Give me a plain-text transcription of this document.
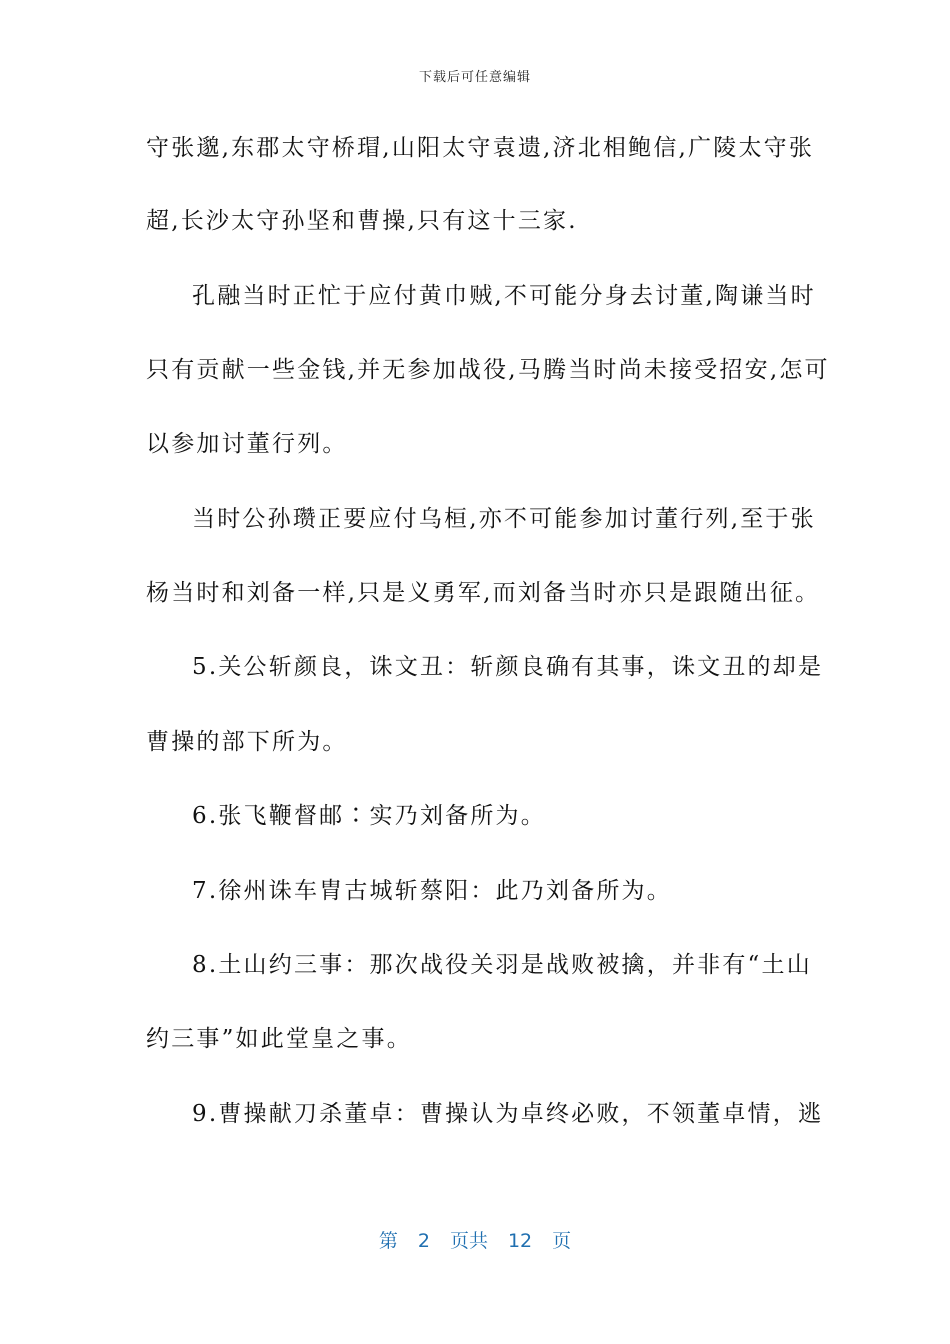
下载后可任意编辑
守张邈,东郡太守桥瑁,山阳太守袁遗,济北相鲍信,广陵太守张
超,长沙太守孙坚和曹操,只有这十三家.
孔融当时正忙于应付黄巾贼,不可能分身去讨董,陶谦当时
只有贡献一些金钱,并无参加战役,马腾当时尚未接受招安,怎可
以参加讨董行列。
当时公孙瓒正要应付乌桓,亦不可能参加讨董行列,至于张
杨当时和刘备一样,只是义勇军,而刘备当时亦只是跟随出征。
5.关公斩颜良，诛文丑：斩颜良确有其事，诛文丑的却是
曹操的部下所为。
6.张飞鞭督邮∶实乃刘备所为。
7.徐州诛车胄古城斩蔡阳：此乃刘备所为。
8.土山约三事：那次战役关羽是战败被擒，并非有“土山
约三事”如此堂皇之事。
9.曹操献刀杀董卓：曹操认为卓终必败，不领董卓情，逃
第 2 页共 12 页
